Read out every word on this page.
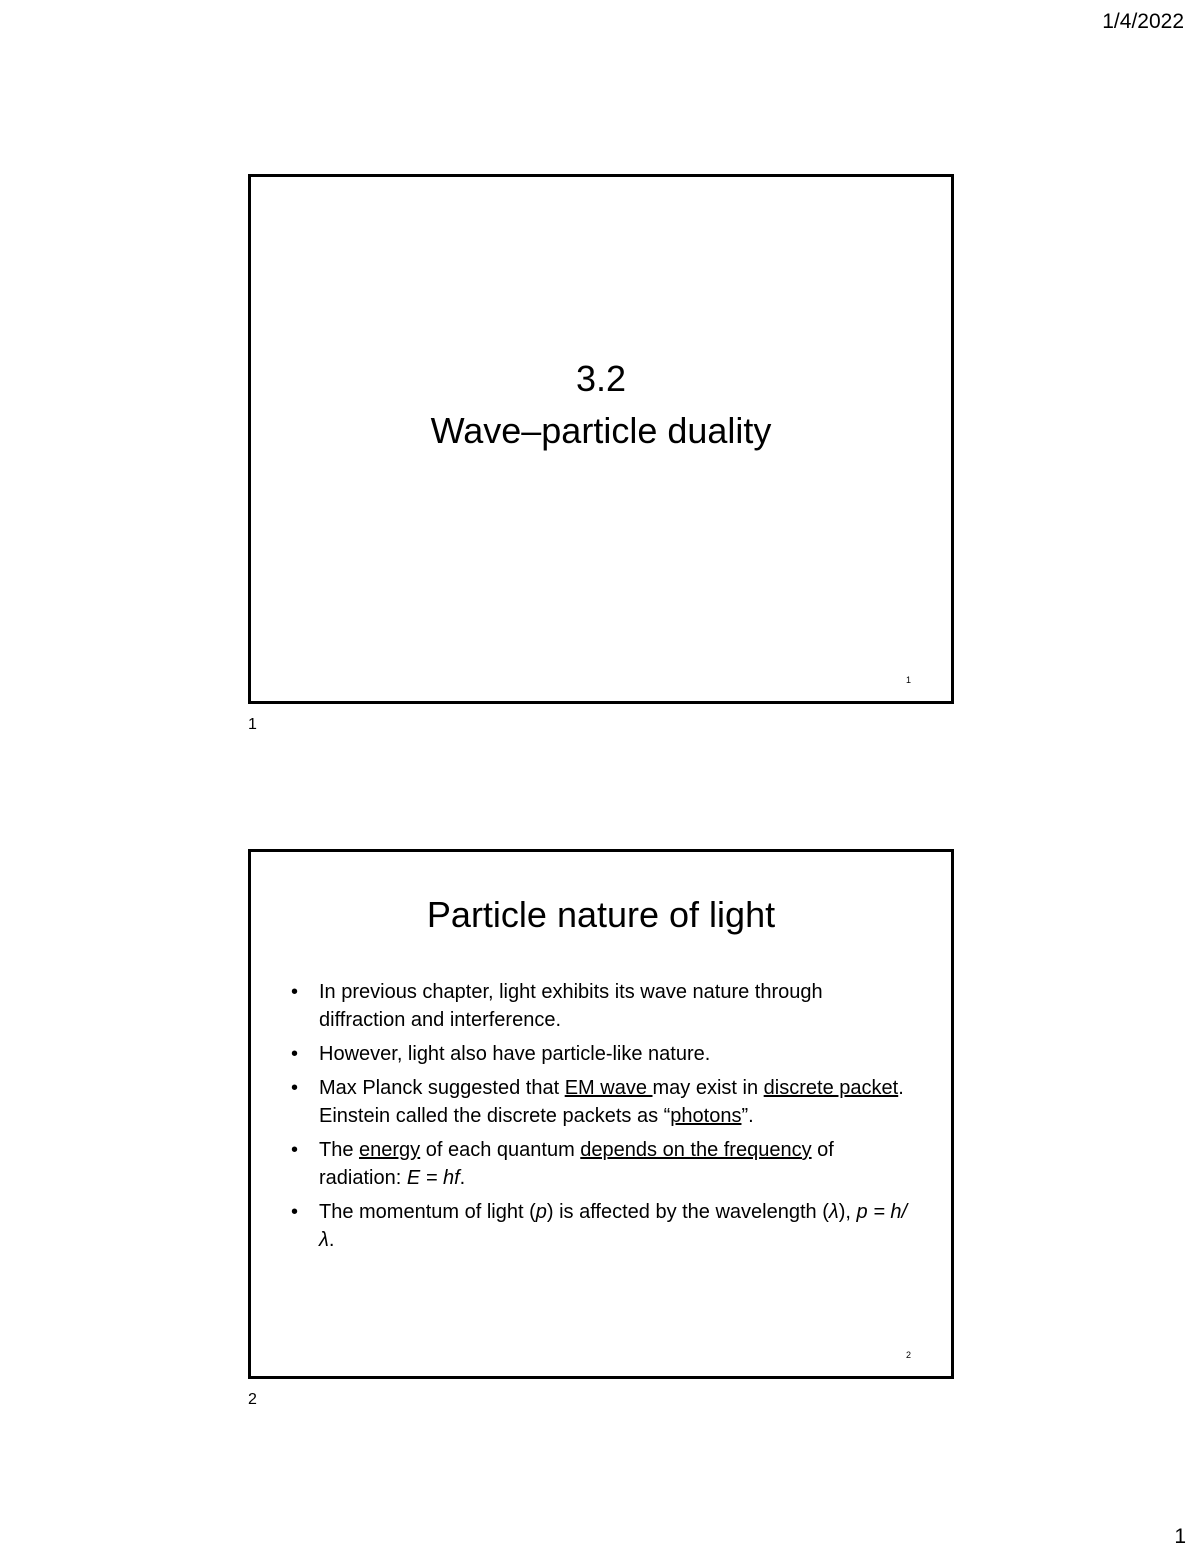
1/4/2022
3.2
Wave–particle duality
1
1
Particle nature of light
• In previous chapter, light exhibits its wave nature through diffraction and interference.
• However, light also have particle-like nature.
• Max Planck suggested that EM wave may exist in discrete packet. Einstein called the discrete packets as “photons”.
• The energy of each quantum depends on the frequency of radiation: E = hf.
• The momentum of light (p) is affected by the wavelength (λ), p = h/λ.
2
2
1
